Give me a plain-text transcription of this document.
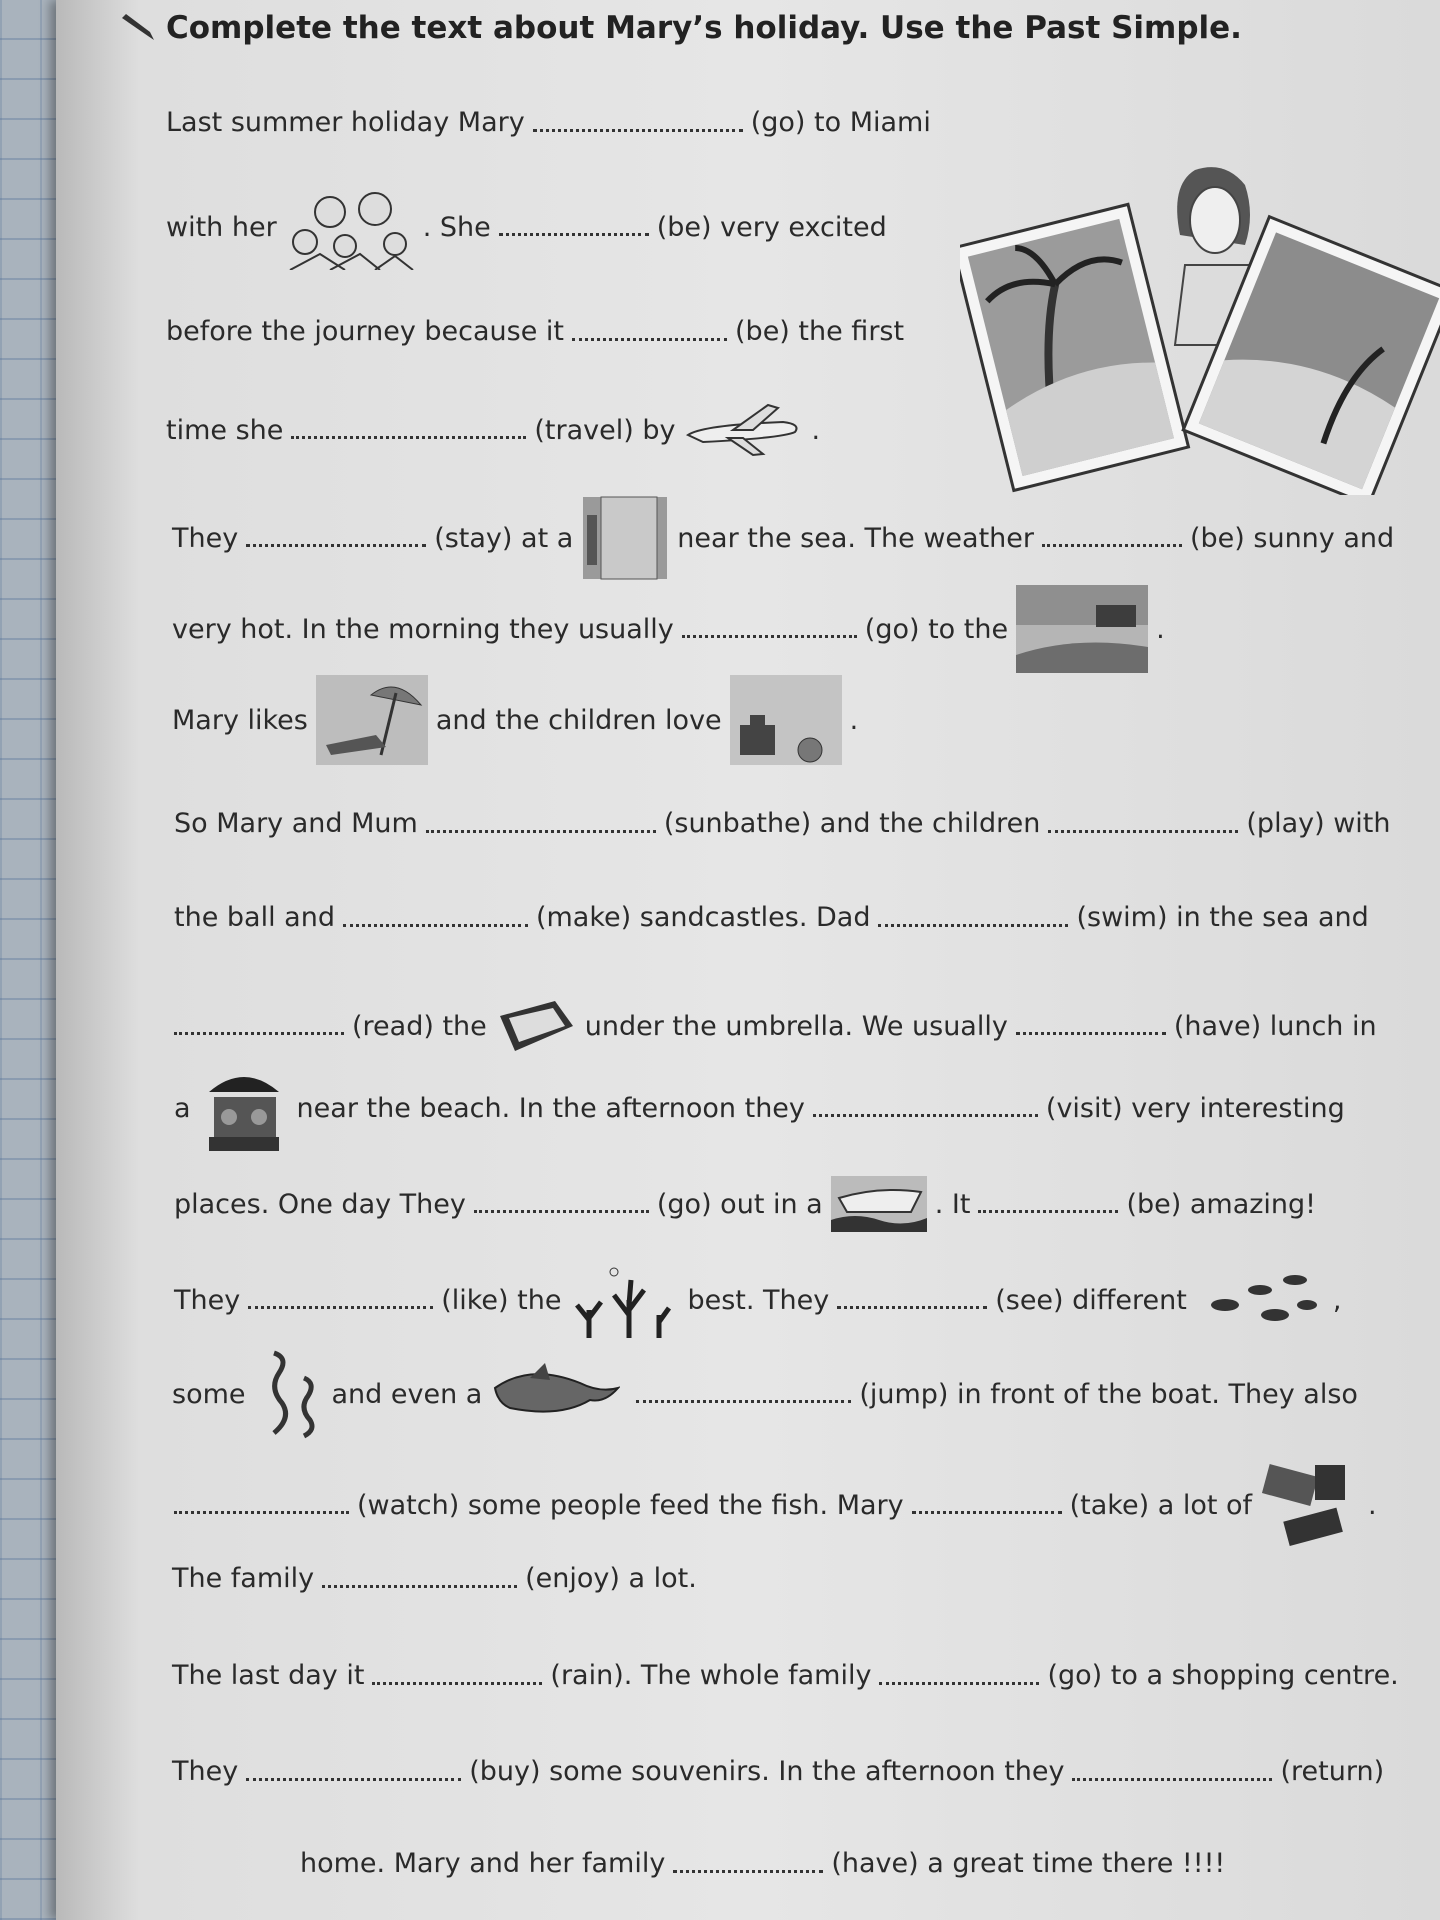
Complete the text about Mary’s holiday. Use the Past Simple.
Last summer holiday Mary	(go) to Miami
with her	. She	(be) very excited
before the journey because it	(be) the first
time she	(travel) by	.
They	(stay) at a	near the sea. The weather	(be) sunny and
very hot. In the morning they usually	(go) to the	.
Mary likes	and the children love	.
So Mary and Mum	(sunbathe) and the children	(play) with
the ball and	(make) sandcastles. Dad	(swim) in the sea and
(read) the	under the umbrella. We usually	(have) lunch in
a	near the beach. In the afternoon they	(visit) very interesting
places. One day They	(go) out in a	. It	(be) amazing!
They	(like) the	best. They	(see) different	,
some	and even a	(jump) in front of the boat. They also
(watch) some people feed the fish. Mary	(take) a lot of	.
The family	(enjoy) a lot.
The last day it	(rain). The whole family	(go) to a shopping centre.
They	(buy) some souvenirs. In the afternoon they	(return)
home. Mary and her family	(have) a great time there !!!!
